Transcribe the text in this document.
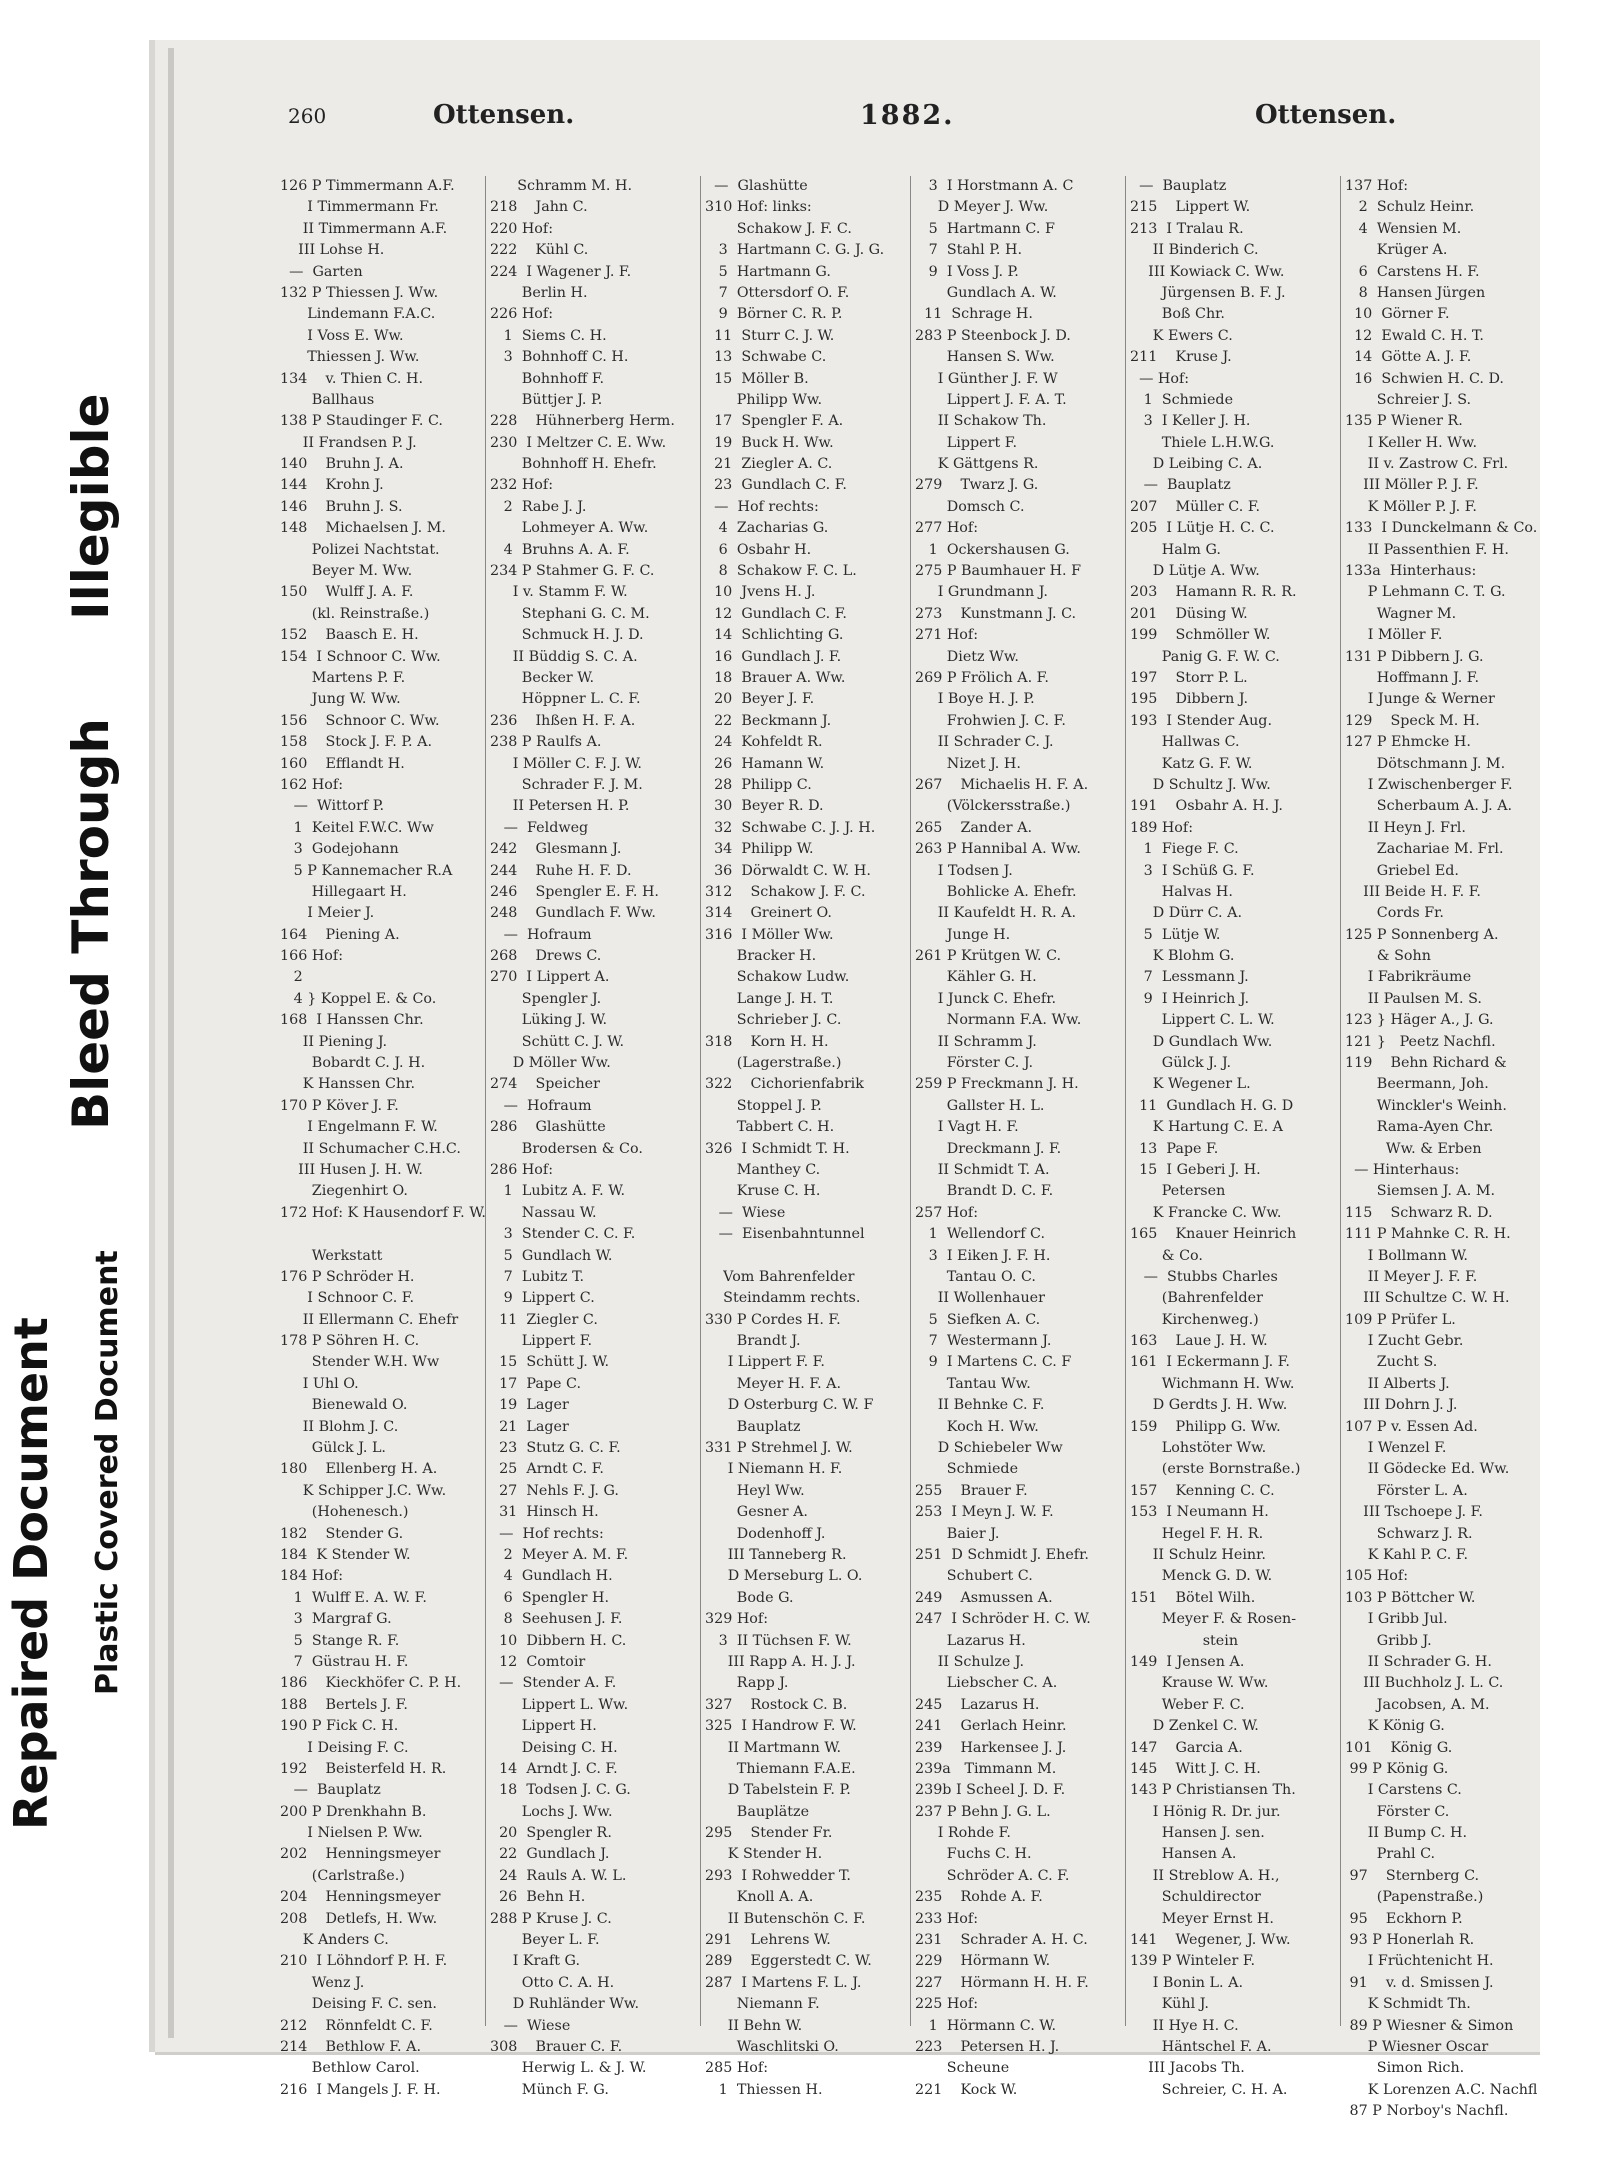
Bleed Through
Illegible
Repaired Document Plastic Covered Document
260	Ottensen.	1882.	Ottensen.
126 P Timmermann A.F.
I Timmermann Fr.
II Timmermann A.F.
III Lohse H.
—  Garten
132 P Thiessen J. Ww.
Lindemann F.A.C.
I Voss E. Ww.
Thiessen J. Ww.
134    v. Thien C. H.
Ballhaus
138 P Staudinger F. C.
II Frandsen P. J.
140    Bruhn J. A.
144    Krohn J.
146    Bruhn J. S.
148    Michaelsen J. M.
Polizei Nachtstat.
Beyer M. Ww.
150    Wulff J. A. F.
(kl. Reinstraße.)
152    Baasch E. H.
154  I Schnoor C. Ww.
Martens P. F.
Jung W. Ww.
156    Schnoor C. Ww.
158    Stock J. F. P. A.
160    Efflandt H.
162 Hof:
—  Wittorf P.
1  Keitel F.W.C. Ww
3  Godejohann
5 P Kannemacher R.A
Hillegaart H.
I Meier J.
164    Piening A.
166 Hof:
2
4 } Koppel E. & Co.
168  I Hanssen Chr.
II Piening J.
Bobardt C. J. H.
K Hanssen Chr.
170 P Köver J. F.
I Engelmann F. W.
II Schumacher C.H.C.
III Husen J. H. W.
Ziegenhirt O.
172 Hof: K Hausendorf F. W.
Werkstatt
176 P Schröder H.
I Schnoor C. F.
II Ellermann C. Ehefr
178 P Söhren H. C.
Stender W.H. Ww
I Uhl O.
Bienewald O.
II Blohm J. C.
Gülck J. L.
180    Ellenberg H. A.
K Schipper J.C. Ww.
(Hohenesch.)
182    Stender G.
184  K Stender W.
184 Hof:
1  Wulff E. A. W. F.
3  Margraf G.
5  Stange R. F.
7  Güstrau H. F.
186    Kieckhöfer C. P. H.
188    Bertels J. F.
190 P Fick C. H.
I Deising F. C.
192    Beisterfeld H. R.
—  Bauplatz
200 P Drenkhahn B.
I Nielsen P. Ww.
202    Henningsmeyer
(Carlstraße.)
204    Henningsmeyer
208    Detlefs, H. Ww.
K Anders C.
210  I Löhndorf P. H. F.
Wenz J.
Deising F. C. sen.
212    Rönnfeldt C. F.
214    Bethlow F. A.
Bethlow Carol.
216  I Mangels J. F. H.
Schramm M. H.
218    Jahn C.
220 Hof:
222    Kühl C.
224  I Wagener J. F.
Berlin H.
226 Hof:
1  Siems C. H.
3  Bohnhoff C. H.
Bohnhoff F.
Büttjer J. P.
228    Hühnerberg Herm.
230  I Meltzer C. E. Ww.
Bohnhoff H. Ehefr.
232 Hof:
2  Rabe J. J.
Lohmeyer A. Ww.
4  Bruhns A. A. F.
234 P Stahmer G. F. C.
I v. Stamm F. W.
Stephani G. C. M.
Schmuck H. J. D.
II Büddig S. C. A.
Becker W.
Höppner L. C. F.
236    Ihßen H. F. A.
238 P Raulfs A.
I Möller C. F. J. W.
Schrader F. J. M.
II Petersen H. P.
—  Feldweg
242    Glesmann J.
244    Ruhe H. F. D.
246    Spengler E. F. H.
248    Gundlach F. Ww.
—  Hofraum
268    Drews C.
270  I Lippert A.
Spengler J.
Lüking J. W.
Schütt C. J. W.
D Möller Ww.
274    Speicher
—  Hofraum
286    Glashütte
Brodersen & Co.
286 Hof:
1  Lubitz A. F. W.
Nassau W.
3  Stender C. C. F.
5  Gundlach W.
7  Lubitz T.
9  Lippert C.
11  Ziegler C.
Lippert F.
15  Schütt J. W.
17  Pape C.
19  Lager
21  Lager
23  Stutz G. C. F.
25  Arndt C. F.
27  Nehls F. J. G.
31  Hinsch H.
—  Hof rechts:
2  Meyer A. M. F.
4  Gundlach H.
6  Spengler H.
8  Seehusen J. F.
10  Dibbern H. C.
12  Comtoir
—  Stender A. F.
Lippert L. Ww.
Lippert H.
Deising C. H.
14  Arndt J. C. F.
18  Todsen J. C. G.
Lochs J. Ww.
20  Spengler R.
22  Gundlach J.
24  Rauls A. W. L.
26  Behn H.
288 P Kruse J. C.
Beyer L. F.
I Kraft G.
Otto C. A. H.
D Ruhländer Ww.
—  Wiese
308    Brauer C. F.
Herwig L. & J. W.
Münch F. G.
—  Glashütte
310 Hof: links:
Schakow J. F. C.
3  Hartmann C. G. J. G.
5  Hartmann G.
7  Ottersdorf O. F.
9  Börner C. R. P.
11  Sturr C. J. W.
13  Schwabe C.
15  Möller B.
Philipp Ww.
17  Spengler F. A.
19  Buck H. Ww.
21  Ziegler A. C.
23  Gundlach C. F.
—  Hof rechts:
4  Zacharias G.
6  Osbahr H.
8  Schakow F. C. L.
10  Jvens H. J.
12  Gundlach C. F.
14  Schlichting G.
16  Gundlach J. F.
18  Brauer A. Ww.
20  Beyer J. F.
22  Beckmann J.
24  Kohfeldt R.
26  Hamann W.
28  Philipp C.
30  Beyer R. D.
32  Schwabe C. J. J. H.
34  Philipp W.
36  Dörwaldt C. W. H.
312    Schakow J. F. C.
314    Greinert O.
316  I Möller Ww.
Bracker H.
Schakow Ludw.
Lange J. H. T.
Schrieber J. C.
318    Korn H. H.
(Lagerstraße.)
322    Cichorienfabrik
Stoppel J. P.
Tabbert C. H.
326  I Schmidt T. H.
Manthey C.
Kruse C. H.
—  Wiese
—  Eisenbahntunnel
Vom Bahrenfelder
Steindamm rechts.
330 P Cordes H. F.
Brandt J.
I Lippert F. F.
Meyer H. F. A.
D Osterburg C. W. F
Bauplatz
331 P Strehmel J. W.
I Niemann H. F.
Heyl Ww.
Gesner A.
Dodenhoff J.
III Tanneberg R.
D Merseburg L. O.
Bode G.
329 Hof:
3  II Tüchsen F. W.
III Rapp A. H. J. J.
Rapp J.
327    Rostock C. B.
325  I Handrow F. W.
II Martmann W.
Thiemann F.A.E.
D Tabelstein F. P.
Bauplätze
295    Stender Fr.
K Stender H.
293  I Rohwedder T.
Knoll A. A.
II Butenschön C. F.
291    Lehrens W.
289    Eggerstedt C. W.
287  I Martens F. L. J.
Niemann F.
II Behn W.
Waschlitski O.
285 Hof:
1  Thiessen H.
3  I Horstmann A. C
D Meyer J. Ww.
5  Hartmann C. F
7  Stahl P. H.
9  I Voss J. P.
Gundlach A. W.
11  Schrage H.
283 P Steenbock J. D.
Hansen S. Ww.
I Günther J. F. W
Lippert J. F. A. T.
II Schakow Th.
Lippert F.
K Gättgens R.
279    Twarz J. G.
Domsch C.
277 Hof:
1  Ockershausen G.
275 P Baumhauer H. F
I Grundmann J.
273    Kunstmann J. C.
271 Hof:
Dietz Ww.
269 P Frölich A. F.
I Boye H. J. P.
Frohwien J. C. F.
II Schrader C. J.
Nizet J. H.
267    Michaelis H. F. A.
(Völckersstraße.)
265    Zander A.
263 P Hannibal A. Ww.
I Todsen J.
Bohlicke A. Ehefr.
II Kaufeldt H. R. A.
Junge H.
261 P Krütgen W. C.
Kähler G. H.
I Junck C. Ehefr.
Normann F.A. Ww.
II Schramm J.
Förster C. J.
259 P Freckmann J. H.
Gallster H. L.
I Vagt H. F.
Dreckmann J. F.
II Schmidt T. A.
Brandt D. C. F.
257 Hof:
1  Wellendorf C.
3  I Eiken J. F. H.
Tantau O. C.
II Wollenhauer
5  Siefken A. C.
7  Westermann J.
9  I Martens C. C. F
Tantau Ww.
II Behnke C. F.
Koch H. Ww.
D Schiebeler Ww
Schmiede
255    Brauer F.
253  I Meyn J. W. F.
Baier J.
251  D Schmidt J. Ehefr.
Schubert C.
249    Asmussen A.
247  I Schröder H. C. W.
Lazarus H.
II Schulze J.
Liebscher C. A.
245    Lazarus H.
241    Gerlach Heinr.
239    Harkensee J. J.
239a   Timmann M.
239b I Scheel J. D. F.
237 P Behn J. G. L.
I Rohde F.
Fuchs C. H.
Schröder A. C. F.
235    Rohde A. F.
233 Hof:
231    Schrader A. H. C.
229    Hörmann W.
227    Hörmann H. H. F.
225 Hof:
1  Hörmann C. W.
223    Petersen H. J.
Scheune
221    Kock W.
—  Bauplatz
215    Lippert W.
213  I Tralau R.
II Binderich C.
III Kowiack C. Ww.
Jürgensen B. F. J.
Boß Chr.
K Ewers C.
211    Kruse J.
— Hof:
1  Schmiede
3  I Keller J. H.
Thiele L.H.W.G.
D Leibing C. A.
—  Bauplatz
207    Müller C. F.
205  I Lütje H. C. C.
Halm G.
D Lütje A. Ww.
203    Hamann R. R. R.
201    Düsing W.
199    Schmöller W.
Panig G. F. W. C.
197    Storr P. L.
195    Dibbern J.
193  I Stender Aug.
Hallwas C.
Katz G. F. W.
D Schultz J. Ww.
191    Osbahr A. H. J.
189 Hof:
1  Fiege F. C.
3  I Schüß G. F.
Halvas H.
D Dürr C. A.
5  Lütje W.
K Blohm G.
7  Lessmann J.
9  I Heinrich J.
Lippert C. L. W.
D Gundlach Ww.
Gülck J. J.
K Wegener L.
11  Gundlach H. G. D
K Hartung C. E. A
13  Pape F.
15  I Geberi J. H.
Petersen
K Francke C. Ww.
165    Knauer Heinrich
& Co.
—  Stubbs Charles
(Bahrenfelder
Kirchenweg.)
163    Laue J. H. W.
161  I Eckermann J. F.
Wichmann H. Ww.
D Gerdts J. H. Ww.
159    Philipp G. Ww.
Lohstöter Ww.
(erste Bornstraße.)
157    Kenning C. C.
153  I Neumann H.
Hegel F. H. R.
II Schulz Heinr.
Menck G. D. W.
151    Bötel Wilh.
Meyer F. & Rosen-
stein
149  I Jensen A.
Krause W. Ww.
Weber F. C.
D Zenkel C. W.
147    Garcia A.
145    Witt J. C. H.
143 P Christiansen Th.
I Hönig R. Dr. jur.
Hansen J. sen.
Hansen A.
II Streblow A. H.,
Schuldirector
Meyer Ernst H.
141    Wegener, J. Ww.
139 P Winteler F.
I Bonin L. A.
Kühl J.
II Hye H. C.
Häntschel F. A.
III Jacobs Th.
Schreier, C. H. A.
137 Hof:
2  Schulz Heinr.
4  Wensien M.
Krüger A.
6  Carstens H. F.
8  Hansen Jürgen
10  Görner F.
12  Ewald C. H. T.
14  Götte A. J. F.
16  Schwien H. C. D.
Schreier J. S.
135 P Wiener R.
I Keller H. Ww.
II v. Zastrow C. Frl.
III Möller P. J. F.
K Möller P. J. F.
133  I Dunckelmann & Co.
II Passenthien F. H.
133a  Hinterhaus:
P Lehmann C. T. G.
Wagner M.
I Möller F.
131 P Dibbern J. G.
Hoffmann J. F.
I Junge & Werner
129    Speck M. H.
127 P Ehmcke H.
Dötschmann J. M.
I Zwischenberger F.
Scherbaum A. J. A.
II Heyn J. Frl.
Zachariae M. Frl.
Griebel Ed.
III Beide H. F. F.
Cords Fr.
125 P Sonnenberg A.
& Sohn
I Fabrikräume
II Paulsen M. S.
123 } Häger A., J. G.
121 }   Peetz Nachfl.
119    Behn Richard &
Beermann, Joh.
Winckler's Weinh.
Rama-Ayen Chr.
Ww. & Erben
— Hinterhaus:
Siemsen J. A. M.
115    Schwarz R. D.
111 P Mahnke C. R. H.
I Bollmann W.
II Meyer J. F. F.
III Schultze C. W. H.
109 P Prüfer L.
I Zucht Gebr.
Zucht S.
II Alberts J.
III Dohrn J. J.
107 P v. Essen Ad.
I Wenzel F.
II Gödecke Ed. Ww.
Förster L. A.
III Tschoepe J. F.
Schwarz J. R.
K Kahl P. C. F.
105 Hof:
103 P Böttcher W.
I Gribb Jul.
Gribb J.
II Schrader G. H.
III Buchholz J. L. C.
Jacobsen, A. M.
K König G.
101    König G.
99 P König G.
I Carstens C.
Förster C.
II Bump C. H.
Prahl C.
97    Sternberg C.
(Papenstraße.)
95    Eckhorn P.
93 P Honerlah R.
I Früchtenicht H.
91    v. d. Smissen J.
K Schmidt Th.
89 P Wiesner & Simon
P Wiesner Oscar
Simon Rich.
K Lorenzen A.C. Nachfl
87 P Norboy's Nachfl.
